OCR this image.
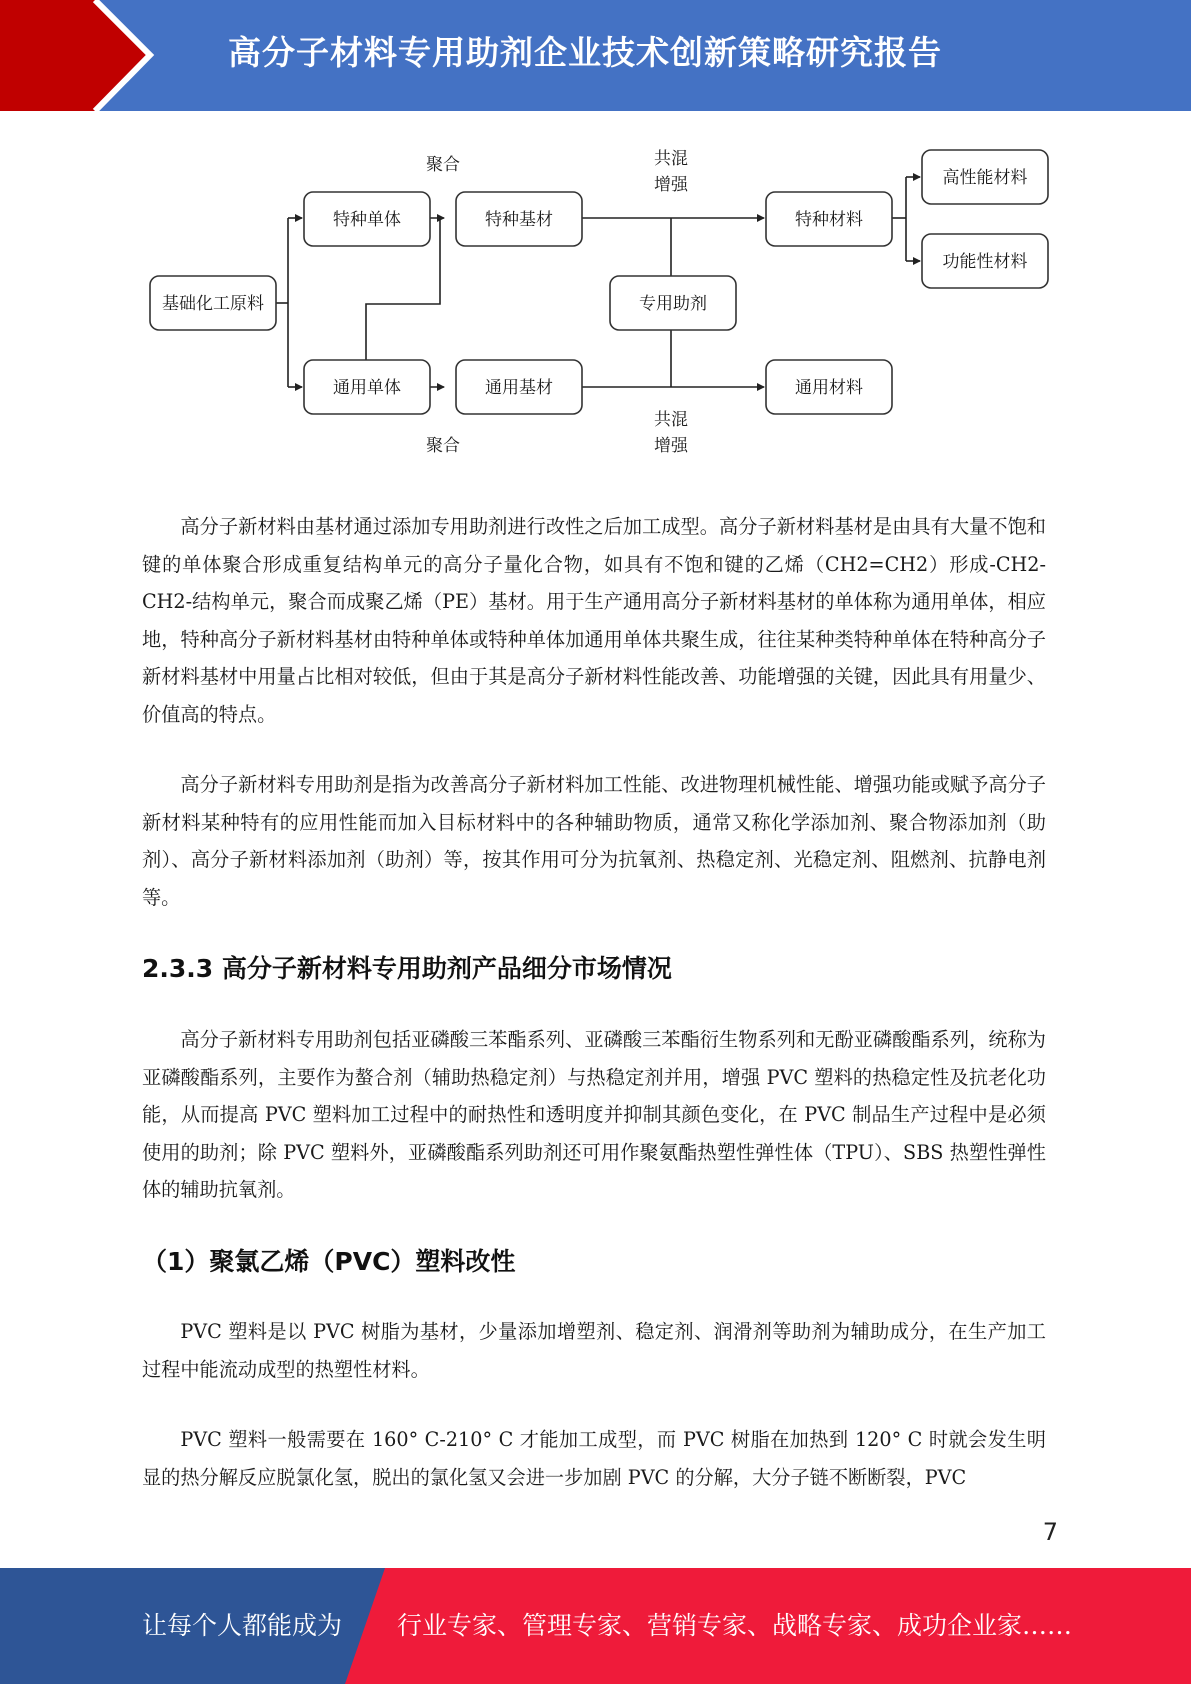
高分子材料专用助剂企业技术创新策略研究报告
基础化工原料
特种单体
通用单体
特种基材
通用基材
专用助剂
特种材料
通用材料
高性能材料
功能性材料
聚合	共混
增强
聚合
共混
增强

高分子新材料由基材通过添加专用助剂进行改性之后加工成型。高分子新材料基材是由具有大量不饱和键的单体聚合形成重复结构单元的高分子量化合物，如具有不饱和键的乙烯（CH2=CH2）形成-CH2-CH2-结构单元，聚合而成聚乙烯（PE）基材。用于生产通用高分子新材料基材的单体称为通用单体，相应地，特种高分子新材料基材由特种单体或特种单体加通用单体共聚生成，往往某种类特种单体在特种高分子新材料基材中用量占比相对较低，但由于其是高分子新材料性能改善、功能增强的关键，因此具有用量少、价值高的特点。

高分子新材料专用助剂是指为改善高分子新材料加工性能、改进物理机械性能、增强功能或赋予高分子新材料某种特有的应用性能而加入目标材料中的各种辅助物质，通常又称化学添加剂、聚合物添加剂（助剂）、高分子新材料添加剂（助剂）等，按其作用可分为抗氧剂、热稳定剂、光稳定剂、阻燃剂、抗静电剂等。

2.3.3 高分子新材料专用助剂产品细分市场情况

高分子新材料专用助剂包括亚磷酸三苯酯系列、亚磷酸三苯酯衍生物系列和无酚亚磷酸酯系列，统称为亚磷酸酯系列，主要作为螯合剂（辅助热稳定剂）与热稳定剂并用，增强 PVC 塑料的热稳定性及抗老化功能，从而提高 PVC 塑料加工过程中的耐热性和透明度并抑制其颜色变化，在 PVC 制品生产过程中是必须使用的助剂；除 PVC 塑料外，亚磷酸酯系列助剂还可用作聚氨酯热塑性弹性体（TPU）、SBS 热塑性弹性体的辅助抗氧剂。

（1）聚氯乙烯（PVC）塑料改性

PVC 塑料是以 PVC 树脂为基材，少量添加增塑剂、稳定剂、润滑剂等助剂为辅助成分，在生产加工过程中能流动成型的热塑性材料。

PVC 塑料一般需要在 160° C-210° C 才能加工成型，而 PVC 树脂在加热到 120° C 时就会发生明显的热分解反应脱氯化氢，脱出的氯化氢又会进一步加剧 PVC 的分解，大分子链不断断裂，PVC

7
让每个人都能成为 行业专家、管理专家、营销专家、战略专家、成功企业家……
